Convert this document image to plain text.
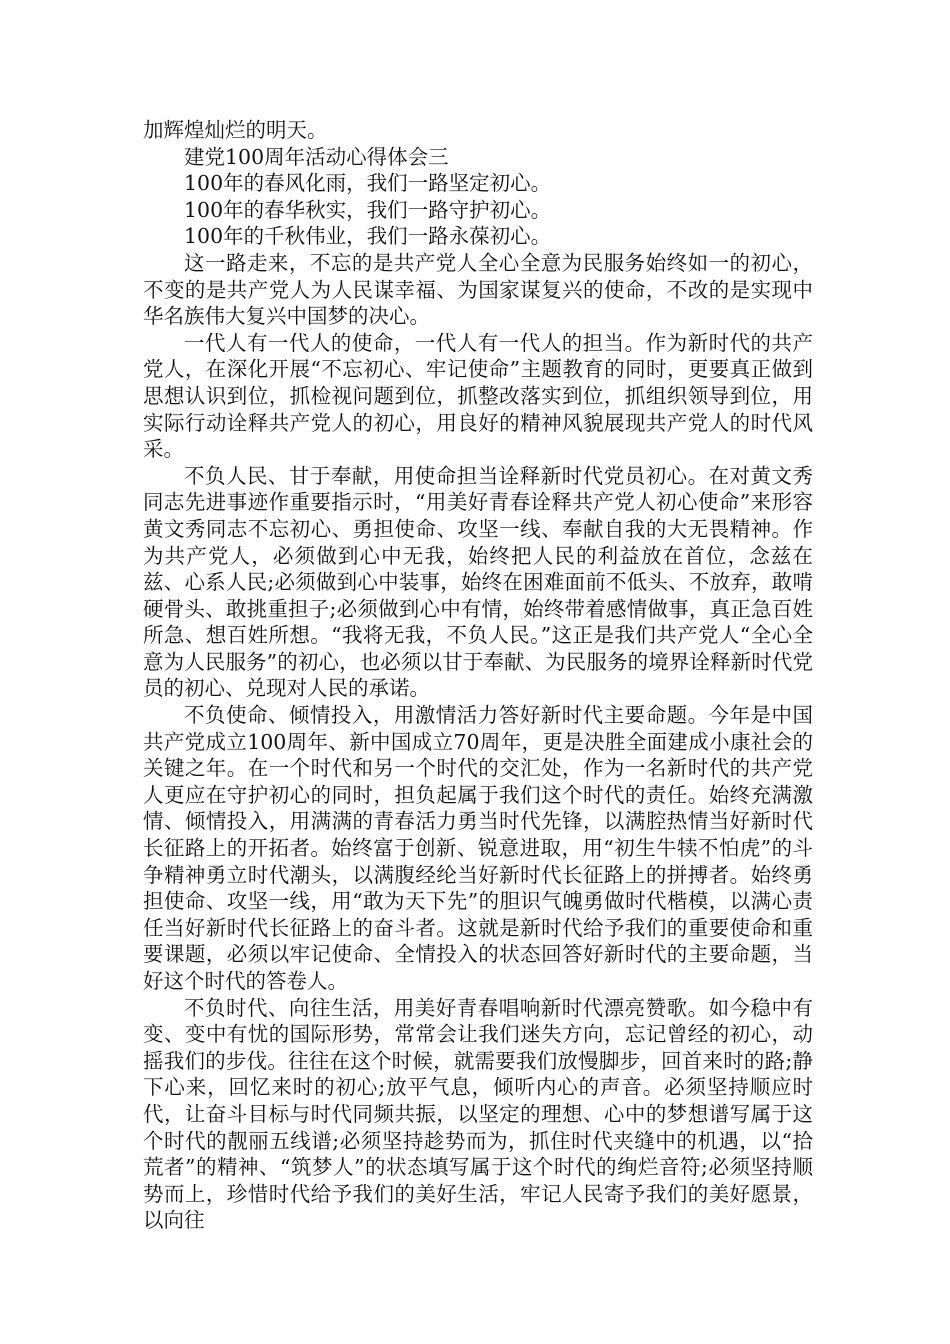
加辉煌灿烂的明天。

建党100周年活动心得体会三

100年的春风化雨，我们一路坚定初心。

100年的春华秋实，我们一路守护初心。

100年的千秋伟业，我们一路永葆初心。

这一路走来，不忘的是共产党人全心全意为民服务始终如一的初心，不变的是共产党人为人民谋幸福、为国家谋复兴的使命，不改的是实现中华名族伟大复兴中国梦的决心。

一代人有一代人的使命，一代人有一代人的担当。作为新时代的共产党人，在深化开展“不忘初心、牢记使命”主题教育的同时，更要真正做到思想认识到位，抓检视问题到位，抓整改落实到位，抓组织领导到位，用实际行动诠释共产党人的初心，用良好的精神风貌展现共产党人的时代风采。

不负人民、甘于奉献，用使命担当诠释新时代党员初心。在对黄文秀同志先进事迹作重要指示时，“用美好青春诠释共产党人初心使命”来形容黄文秀同志不忘初心、勇担使命、攻坚一线、奉献自我的大无畏精神。作为共产党人，必须做到心中无我，始终把人民的利益放在首位，念兹在兹、心系人民;必须做到心中装事，始终在困难面前不低头、不放弃，敢啃硬骨头、敢挑重担子;必须做到心中有情，始终带着感情做事，真正急百姓所急、想百姓所想。“我将无我，不负人民。”这正是我们共产党人“全心全意为人民服务”的初心，也必须以甘于奉献、为民服务的境界诠释新时代党员的初心、兑现对人民的承诺。

不负使命、倾情投入，用激情活力答好新时代主要命题。今年是中国共产党成立100周年、新中国成立70周年，更是决胜全面建成小康社会的关键之年。在一个时代和另一个时代的交汇处，作为一名新时代的共产党人更应在守护初心的同时，担负起属于我们这个时代的责任。始终充满激情、倾情投入，用满满的青春活力勇当时代先锋，以满腔热情当好新时代长征路上的开拓者。始终富于创新、锐意进取，用“初生牛犊不怕虎”的斗争精神勇立时代潮头，以满腹经纶当好新时代长征路上的拼搏者。始终勇担使命、攻坚一线，用“敢为天下先”的胆识气魄勇做时代楷模，以满心责任当好新时代长征路上的奋斗者。这就是新时代给予我们的重要使命和重要课题，必须以牢记使命、全情投入的状态回答好新时代的主要命题，当好这个时代的答卷人。

不负时代、向往生活，用美好青春唱响新时代漂亮赞歌。如今稳中有变、变中有忧的国际形势，常常会让我们迷失方向，忘记曾经的初心，动摇我们的步伐。往往在这个时候，就需要我们放慢脚步，回首来时的路;静下心来，回忆来时的初心;放平气息，倾听内心的声音。必须坚持顺应时代，让奋斗目标与时代同频共振，以坚定的理想、心中的梦想谱写属于这个时代的靓丽五线谱;必须坚持趁势而为，抓住时代夹缝中的机遇，以“拾荒者”的精神、“筑梦人”的状态填写属于这个时代的绚烂音符;必须坚持顺势而上，珍惜时代给予我们的美好生活，牢记人民寄予我们的美好愿景，以向往
